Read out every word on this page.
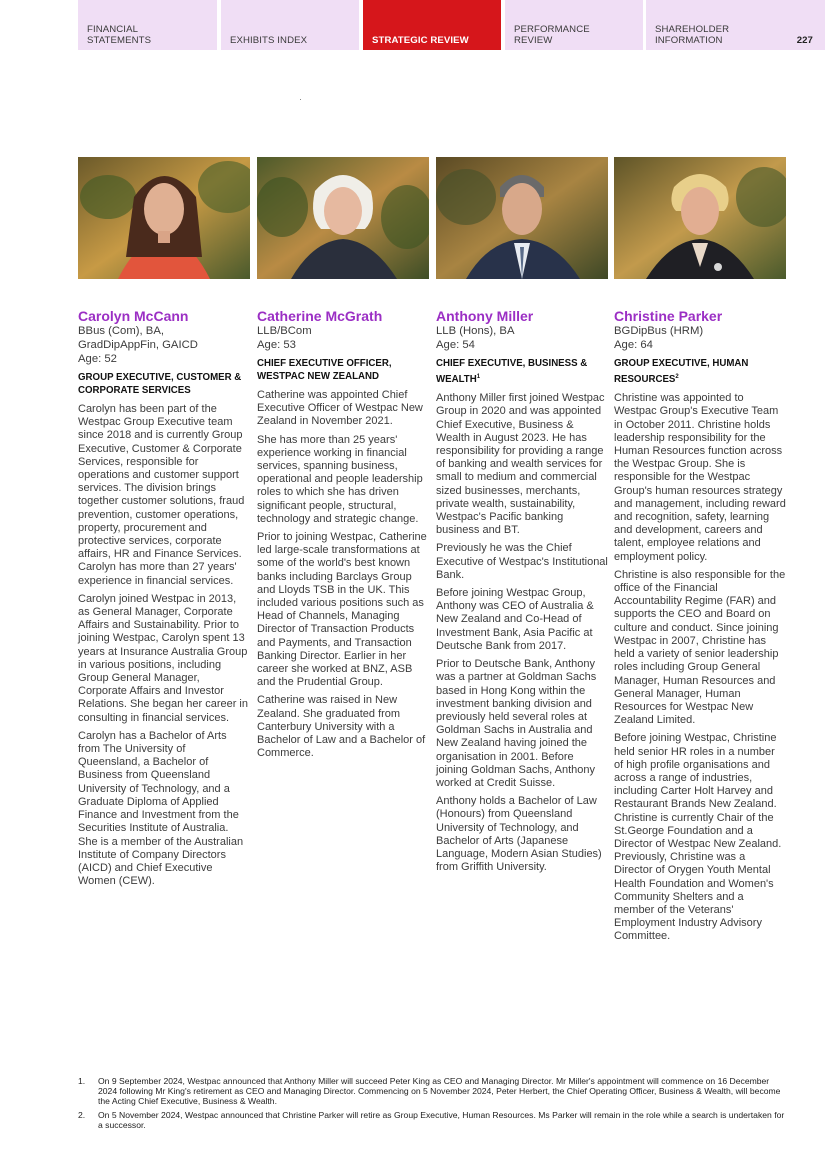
FINANCIAL
STATEMENTS	EXHIBITS INDEX	STRATEGIC REVIEW
PERFORMANCE
REVIEW
SHAREHOLDER
INFORMATION	227
Carolyn McCann
BBus (Com), BA,
GradDipAppFin, GAICD
Age: 52
GROUP EXECUTIVE, CUSTOMER & CORPORATE SERVICES

Carolyn has been part of the Westpac Group Executive team since 2018 and is currently Group Executive, Customer & Corporate Services, responsible for operations and customer support services. The division brings together customer solutions, fraud prevention, customer operations, property, procurement and protective services, corporate affairs, HR and Finance Services. Carolyn has more than 27 years' experience in financial services.

Carolyn joined Westpac in 2013, as General Manager, Corporate Affairs and Sustainability. Prior to joining Westpac, Carolyn spent 13 years at Insurance Australia Group in various positions, including Group General Manager, Corporate Affairs and Investor Relations. She began her career in consulting in financial services.

Carolyn has a Bachelor of Arts from The University of Queensland, a Bachelor of Business from Queensland University of Technology, and a Graduate Diploma of Applied Finance and Investment from the Securities Institute of Australia. She is a member of the Australian Institute of Company Directors (AICD) and Chief Executive Women (CEW).

Catherine McGrath
LLB/BCom
Age: 53
CHIEF EXECUTIVE OFFICER, WESTPAC NEW ZEALAND

Catherine was appointed Chief Executive Officer of Westpac New Zealand in November 2021.

She has more than 25 years' experience working in financial services, spanning business, operational and people leadership roles to which she has driven significant people, structural, technology and strategic change.

Prior to joining Westpac, Catherine led large-scale transformations at some of the world's best known banks including Barclays Group and Lloyds TSB in the UK. This included various positions such as Head of Channels, Managing Director of Transaction Products and Payments, and Transaction Banking Director. Earlier in her career she worked at BNZ, ASB and the Prudential Group.

Catherine was raised in New Zealand. She graduated from Canterbury University with a Bachelor of Law and a Bachelor of Commerce.

Anthony Miller
LLB (Hons), BA
Age: 54
CHIEF EXECUTIVE, BUSINESS & WEALTH$^1$

Anthony Miller first joined Westpac Group in 2020 and was appointed Chief Executive, Business & Wealth in August 2023. He has responsibility for providing a range of banking and wealth services for small to medium and commercial sized businesses, merchants, private wealth, sustainability, Westpac's Pacific banking business and BT.

Previously he was the Chief Executive of Westpac's Institutional Bank.

Before joining Westpac Group, Anthony was CEO of Australia & New Zealand and Co-Head of Investment Bank, Asia Pacific at Deutsche Bank from 2017.

Prior to Deutsche Bank, Anthony was a partner at Goldman Sachs based in Hong Kong within the investment banking division and previously held several roles at Goldman Sachs in Australia and New Zealand having joined the organisation in 2001. Before joining Goldman Sachs, Anthony worked at Credit Suisse.

Anthony holds a Bachelor of Law (Honours) from Queensland University of Technology, and Bachelor of Arts (Japanese Language, Modern Asian Studies) from Griffith University.

Christine Parker
BGDipBus (HRM)
Age: 64
GROUP EXECUTIVE, HUMAN RESOURCES$^2$

Christine was appointed to Westpac Group's Executive Team in October 2011. Christine holds leadership responsibility for the Human Resources function across the Westpac Group. She is responsible for the Westpac Group's human resources strategy and management, including reward and recognition, safety, learning and development, careers and talent, employee relations and employment policy.

Christine is also responsible for the office of the Financial Accountability Regime (FAR) and supports the CEO and Board on culture and conduct. Since joining Westpac in 2007, Christine has held a variety of senior leadership roles including Group General Manager, Human Resources and General Manager, Human Resources for Westpac New Zealand Limited.

Before joining Westpac, Christine held senior HR roles in a number of high profile organisations and across a range of industries, including Carter Holt Harvey and Restaurant Brands New Zealand. Christine is currently Chair of the St.George Foundation and a Director of Westpac New Zealand. Previously, Christine was a Director of Orygen Youth Mental Health Foundation and Women's Community Shelters and a member of the Veterans' Employment Industry Advisory Committee.

1.	On 9 September 2024, Westpac announced that Anthony Miller will succeed Peter King as CEO and Managing Director. Mr Miller's appointment will commence on 16 December 2024 following Mr King's retirement as CEO and Managing Director. Commencing on 5 November 2024, Peter Herbert, the Chief Operating Officer, Business & Wealth, will become the Acting Chief Executive, Business & Wealth.
2.	On 5 November 2024, Westpac announced that Christine Parker will retire as Group Executive, Human Resources. Ms Parker will remain in the role while a search is undertaken for a successor.
